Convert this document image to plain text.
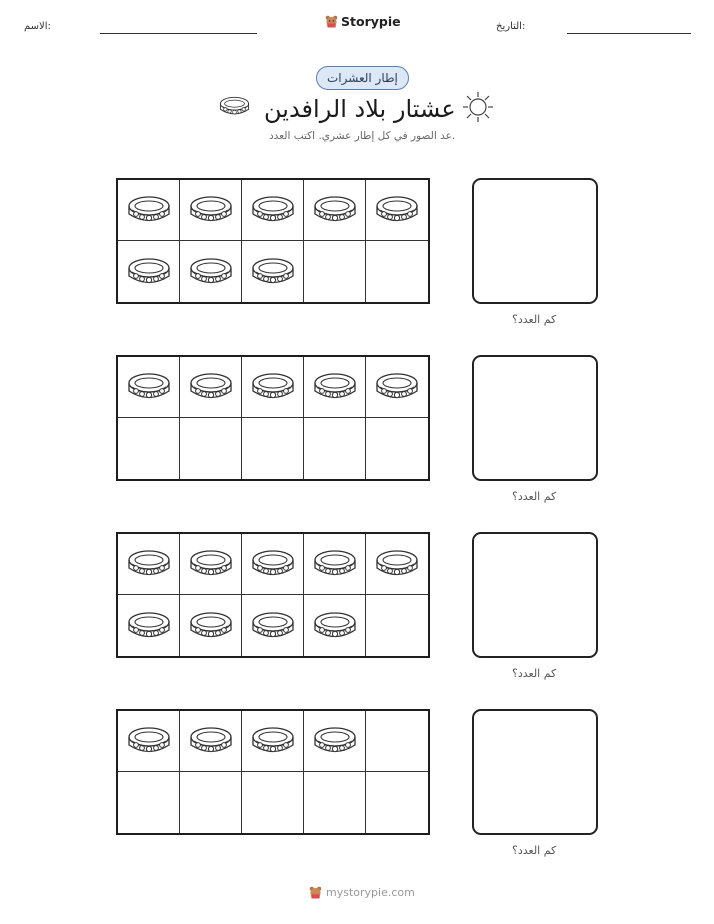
الاسم:	Storypie	التاريخ:
إطار العشرات
عشتار بلاد الرافدين
عد الصور في كل إطار عشري. اكتب العدد.
كم العدد؟
كم العدد؟
كم العدد؟
كم العدد؟
mystorypie.com
